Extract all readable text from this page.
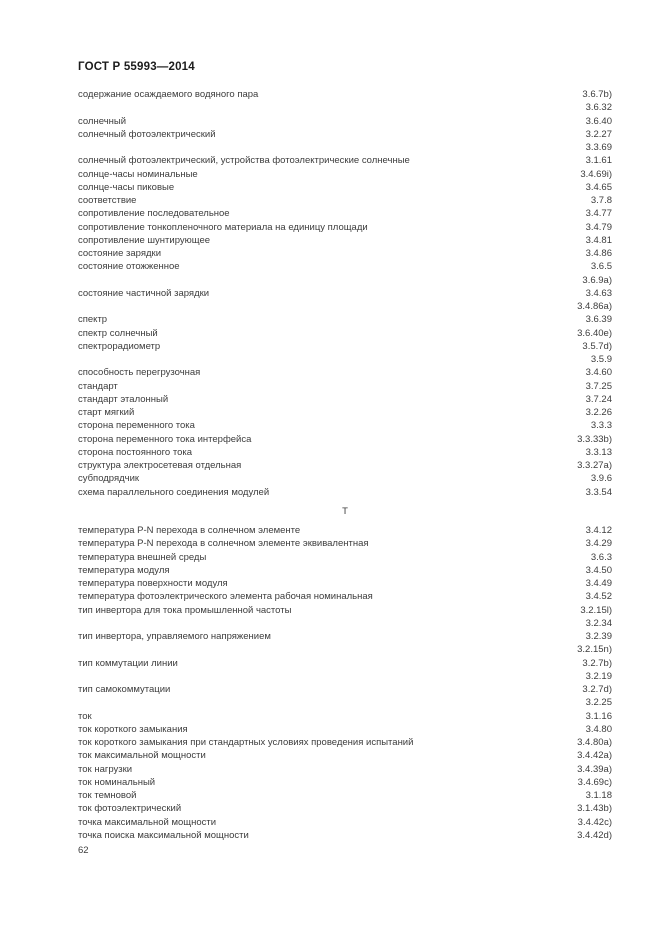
ГОСТ Р 55993—2014
содержание осаждаемого водяного пара	3.6.7b)
3.6.32
солнечный	3.6.40
солнечный фотоэлектрический	3.2.27
3.3.69
солнечный фотоэлектрический, устройства фотоэлектрические солнечные	3.1.61
солнце-часы номинальные	3.4.69i)
солнце-часы пиковые	3.4.65
соответствие	3.7.8
сопротивление последовательное	3.4.77
сопротивление тонкопленочного материала на единицу площади	3.4.79
сопротивление шунтирующее	3.4.81
состояние зарядки	3.4.86
состояние отожженное	3.6.5
3.6.9a)
состояние частичной зарядки	3.4.63
3.4.86a)
спектр	3.6.39
спектр солнечный	3.6.40e)
спектрорадиометр	3.5.7d)
3.5.9
способность перегрузочная	3.4.60
стандарт	3.7.25
стандарт эталонный	3.7.24
старт мягкий	3.2.26
сторона переменного тока	3.3.3
сторона переменного тока интерфейса	3.3.33b)
сторона постоянного тока	3.3.13
структура электросетевая отдельная	3.3.27a)
субподрядчик	3.9.6
схема параллельного соединения модулей	3.3.54
Т
температура P-N перехода в солнечном элементе	3.4.12
температура P-N перехода в солнечном элементе эквивалентная	3.4.29
температура внешней среды	3.6.3
температура модуля	3.4.50
температура поверхности модуля	3.4.49
температура фотоэлектрического элемента рабочая номинальная	3.4.52
тип инвертора для тока промышленной частоты	3.2.15l)
3.2.34
тип инвертора, управляемого напряжением	3.2.39
3.2.15n)
тип коммутации линии	3.2.7b)
3.2.19
тип самокоммутации	3.2.7d)
3.2.25
ток	3.1.16
ток короткого замыкания	3.4.80
ток короткого замыкания при стандартных условиях проведения испытаний	3.4.80a)
ток максимальной мощности	3.4.42a)
ток нагрузки	3.4.39a)
ток номинальный	3.4.69c)
ток темновой	3.1.18
ток фотоэлектрический	3.1.43b)
точка максимальной мощности	3.4.42c)
точка поиска максимальной мощности	3.4.42d)
62
